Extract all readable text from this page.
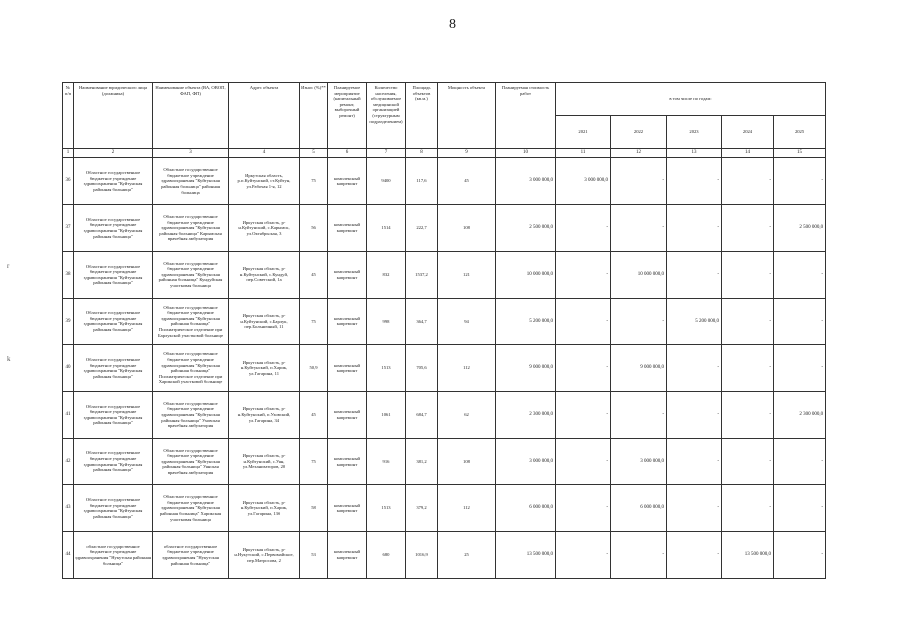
8
r
k
№ п/п	Наименование юридического лица (должника)	Наименование объекта (ВА, ОВОП, ФАП, ФП)	Адрес объекта	Износ (%)**	Планируемое мероприятие (капитальный ремонт, выборочный ремонт)	Количество населения, обслуживаемое медицинской организацией (структурным подразделением)	Площадь объектов (кв.м.)	Мощность объекта	Планируемая стоимость работ	в том числе по годам:				
										2021	2022	2023	2024	2025
1	2	3	4	5	6	7	8	9	10	11	12	13	14	15
36	Областное государственное бюджетное учреждение здравоохранения "Куйтунская районная больница"	Областное государственное бюджетное учреждение здравоохранения "Куйтунская районная больница" районная больница	Иркутская область, р.п.Куйтунский, ст.Куйтун, ул.Рабочая 1-я, 12	75	комплексный капремонт	9400	117,6	45	3 000 000,0	3 000 000,0	-	-	-	-
37	Областное государственное бюджетное учреждение здравоохранения "Куйтунская районная больница"	Областное государственное бюджетное учреждение здравоохранения "Куйтунская районная больница" Карымская врачебная амбулатория	Иркутская область, р-н.Куйтунский, с.Карымск, ул.Октябрьская, 3	56	комплексный капремонт	1514	222,7	108	2 500 000,0	-	-	-	-	2 500 000,0
38	Областное государственное бюджетное учреждение здравоохранения "Куйтунская районная больница"	Областное государственное бюджетное учреждение здравоохранения "Куйтунская районная больница" Кундуйская участковая больница	Иркутская область, р-н.Куйтунский, с.Кундуй, пер.Советский, 1а	45	комплексный капремонт	832	1537,2	121	10 000 000,0	-	10 000 000,0	-	-	-
39	Областное государственное бюджетное учреждение здравоохранения "Куйтунская районная больница"	Областное государственное бюджетное учреждение здравоохранения "Куйтунская районная больница" Психиатрическое отделение при Барлукской участковой больнице	Иркутская область, р-н.Куйтунский, с.Барлук, пер.Больничный, 11	75	комплексный капремонт	998	364,7	94	5 200 000,0	-	-	5 200 000,0	-	-
40	Областное государственное бюджетное учреждение здравоохранения "Куйтунская районная больница"	Областное государственное бюджетное учреждение здравоохранения "Куйтунская районная больница" Психиатрическое отделение при Харикской участковой больнице	Иркутская область, р-н.Куйтунский, п.Харик, ул.Гагарина, 11	50,9	комплексный капремонт	1513	705,6	112	9 000 000,0	-	9 000 000,0	-	-	-
41	Областное государственное бюджетное учреждение здравоохранения "Куйтунская районная больница"	Областное государственное бюджетное учреждение здравоохранения "Куйтунская районная больница" Уховская врачебная амбулатория	Иркутская область, р-н.Куйтунский, п.Уховский, ул.Гагарина, 34	45	комплексный капремонт	1061	684,7	62	2 300 000,0	-	-	-	-	2 300 000,0
42	Областное государственное бюджетное учреждение здравоохранения "Куйтунская районная больница"	Областное государственное бюджетное учреждение здравоохранения "Куйтунская районная больница" Уянская врачебная амбулатория	Иркутская область, р-н.Куйтунский, с.Уян, ул.Механизаторов, 20	75	комплексный капремонт	916	381,2	108	3 000 000,0	-	3 000 000,0	-	-	-
43	Областное государственное бюджетное учреждение здравоохранения "Куйтунская районная больница"	Областное государственное бюджетное учреждение здравоохранения "Куйтунская районная больница" Харикская участковая больница	Иркутская область, р-н.Куйтунский, п.Харик, ул.Гагарина, 13б	58	комплексный капремонт	1513	379,2	112	6 000 000,0	-	6 000 000,0	-	-	-
44	областное государственное бюджетное учреждение здравоохранения "Нукутская районная больница"	областное государственное бюджетное учреждение здравоохранения "Нукутская районная больница"	Иркутская область, р-н.Нукутский, с.Первомайское, пер.Матросова, 2	53	комплексный капремонт	680	1016,9	25	13 500 000,0	-	-	-	13 500 000,0	-
